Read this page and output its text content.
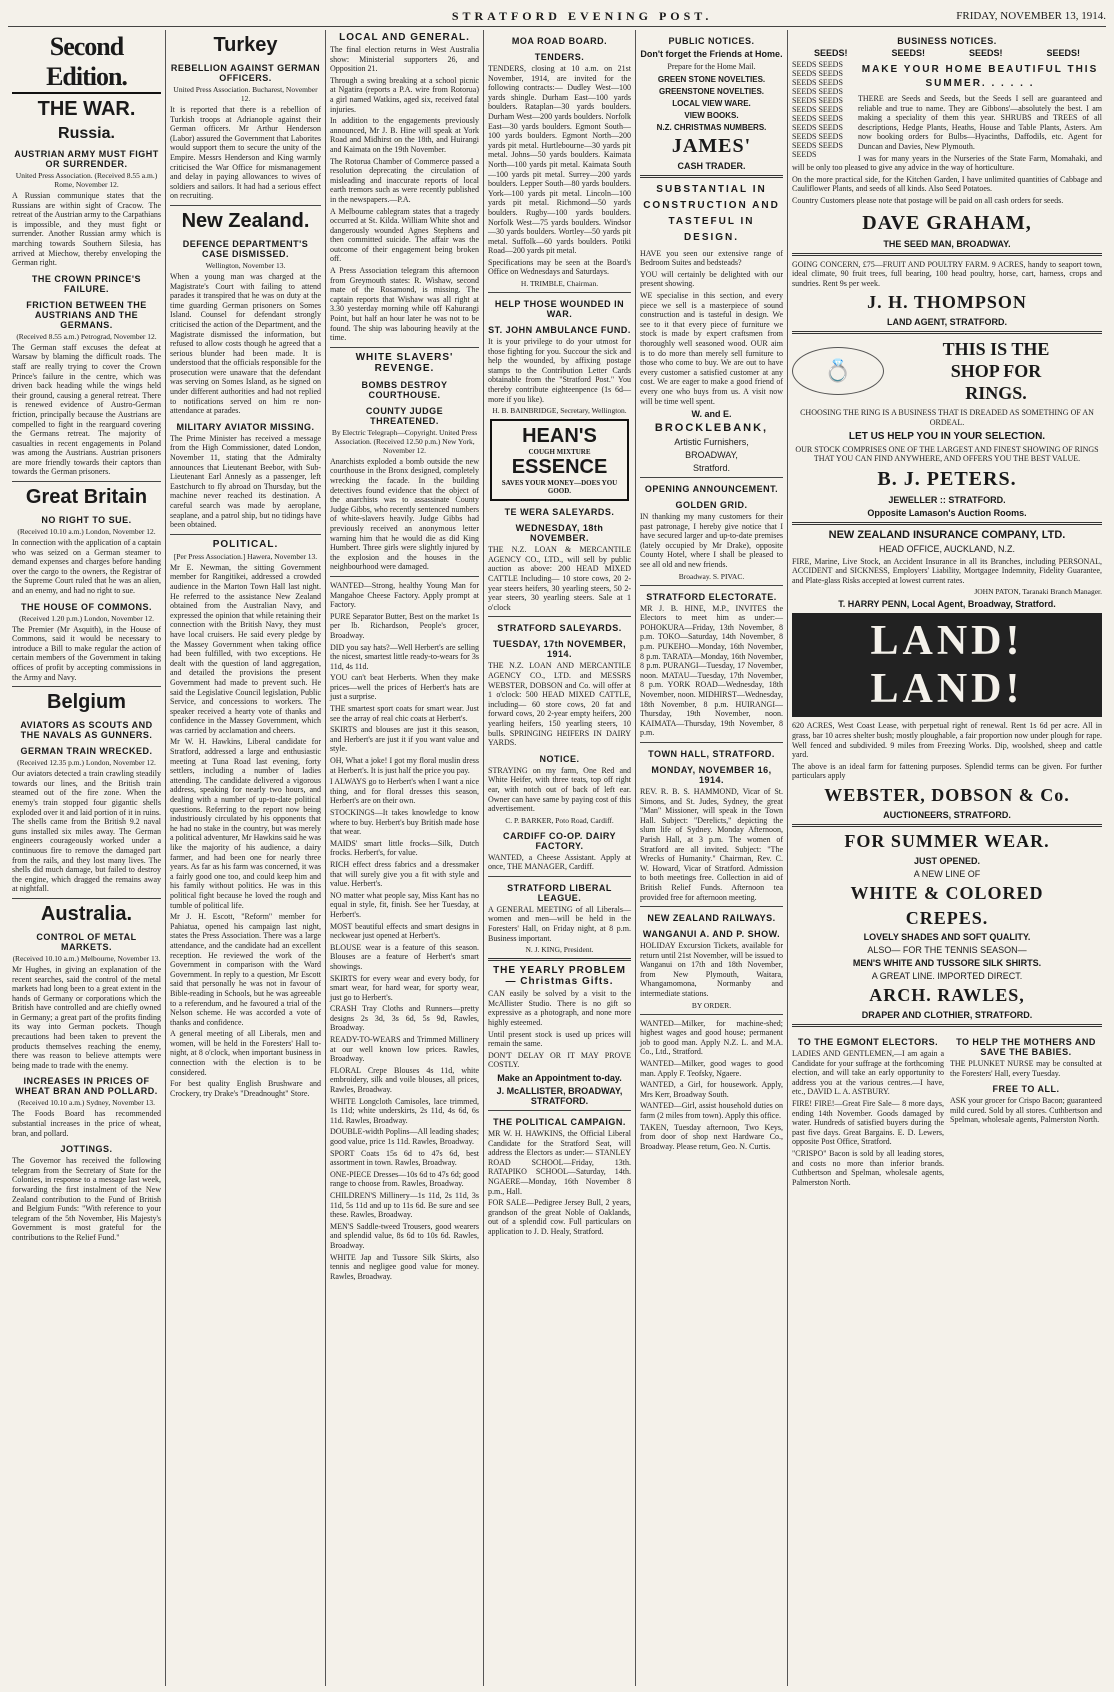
STRATFORD EVENING POST.	FRIDAY, NOVEMBER 13, 1914.
Second Edition.
THE WAR.
Russia.
AUSTRIAN ARMY MUST FIGHT OR SURRENDER.
United Press Association. (Received 8.55 a.m.) Rome, November 12.

A Russian communique states that the Russians are within sight of Cracow. The retreat of the Austrian army to the Carpathians is impossible, and they must fight or surrender. Another Russian army which is marching towards Southern Silesia, has arrived at Miechow, thereby enveloping the German right.

THE CROWN PRINCE'S FAILURE.
FRICTION BETWEEN THE AUSTRIANS AND THE GERMANS.
(Received 8.55 a.m.) Petrograd, November 12.

The German staff excuses the defeat at Warsaw by blaming the difficult roads. The staff are really trying to cover the Crown Prince's failure in the centre, which was driven back heading while the wings held their ground, causing a general retreat. There is renewed evidence of Austro-German friction, principally because the Austrians are compelled to fight in the rearguard covering the Germans retreat. The majority of casualties in recent engagements in Poland was among the Austrians. Austrian prisoners are more friendly towards their captors than towards the German prisoners.

Great Britain
NO RIGHT TO SUE.
(Received 10.10 a.m.) London, November 12.

In connection with the application of a captain who was seized on a German steamer to demand expenses and charges before handing over the cargo to the owners, the Registrar of the Supreme Court ruled that he was an alien, and an enemy, and had no right to sue.

THE HOUSE OF COMMONS.
(Received 1.20 p.m.) London, November 12.

The Premier (Mr Asquith), in the House of Commons, said it would be necessary to introduce a Bill to make regular the action of certain members of the Government in taking offices of profit by accepting commissions in the Army and Navy.

Belgium
AVIATORS AS SCOUTS AND THE NAVALS AS GUNNERS.
GERMAN TRAIN WRECKED.
(Received 12.35 p.m.) London, November 12.

Our aviators detected a train crawling steadily towards our lines, and the British train steamed out of the fire zone. When the enemy's train stopped four gigantic shells exploded over it and laid portion of it in ruins. The shells came from the British 9.2 naval guns installed six miles away. The German engineers courageously worked under a continuous fire to remove the damaged part from the rails, and they lost many lives. The shells did much damage, but failed to destroy the engine, which dragged the remains away at nightfall.

Australia.
CONTROL OF METAL MARKETS.
(Received 10.10 a.m.) Melbourne, November 13.

Mr Hughes, in giving an explanation of the recent searches, said the control of the metal markets had long been to a great extent in the hands of Germany or corporations which the British have controlled and are chiefly owned in Germany; a great part of the profits finding its way into German pockets. Though precautions had been taken to prevent the products themselves reaching the enemy, there was reason to believe attempts were being made to trade with the enemy.

INCREASES IN PRICES OF WHEAT BRAN AND POLLARD.
(Received 10.10 a.m.) Sydney, November 13.

The Foods Board has recommended substantial increases in the price of wheat, bran, and pollard.

JOTTINGS.

The Governor has received the following telegram from the Secretary of State for the Colonies, in response to a message last week, forwarding the first instalment of the New Zealand contribution to the Fund of British and Belgium Funds: "With reference to your telegram of the 5th November, His Majesty's Government is most grateful for the contributions to the Relief Fund."

Turkey
REBELLION AGAINST GERMAN OFFICERS.
United Press Association. Bucharest, November 12.

It is reported that there is a rebellion of Turkish troops at Adrianople against their German officers. Mr Arthur Henderson (Labor) assured the Government that Laborites would support them to secure the unity of the Empire. Messrs Henderson and King warmly criticised the War Office for mismanagement and delay in paying allowances to wives of soldiers and sailors. It had had a serious effect on recruiting.

New Zealand.
DEFENCE DEPARTMENT'S CASE DISMISSED.
Wellington, November 13.

When a young man was charged at the Magistrate's Court with failing to attend parades it transpired that he was on duty at the time guarding German prisoners on Somes Island. Counsel for defendant strongly criticised the action of the Department, and the Magistrate dismissed the information, but refused to allow costs though he agreed that a serious blunder had been made. It is understood that the officials responsible for the prosecution were unaware that the defendant was serving on Somes Island, as he signed on under different authorities and had not replied to notifications served on him re non-attendance at parades.

MILITARY AVIATOR MISSING.

The Prime Minister has received a message from the High Commissioner, dated London, November 11, stating that the Admiralty announces that Lieutenant Beebor, with Sub-Lieutenant Earl Annesly as a passenger, left Eastchurch to fly abroad on Thursday, but the machine never reached its destination. A careful search was made by aeroplane, seaplane, and a patrol ship, but no tidings have been obtained.

POLITICAL.
[Per Press Association.] Hawera, November 13.

Mr E. Newman, the sitting Government member for Rangitikei, addressed a crowded audience in the Marton Town Hall last night. He referred to the assistance New Zealand obtained from the Australian Navy, and expressed the opinion that while retaining their connection with the British Navy, they must have local cruisers. He said every pledge by the Massey Government when taking office had been fulfilled, with two exceptions. He dealt with the question of land aggregation, and detailed the provisions the present Government had made to prevent such. He said the Legislative Council legislation, Public Service, and concessions to workers. The speaker received a hearty vote of thanks and confidence in the Massey Government, which was carried by acclamation and cheers.

Mr W. H. Hawkins, Liberal candidate for Stratford, addressed a large and enthusiastic meeting at Tuna Road last evening, forty settlers, including a number of ladies attending. The candidate delivered a vigorous address, speaking for nearly two hours, and dealing with a number of up-to-date political questions. Referring to the report now being industriously circulated by his opponents that he had no stake in the country, but was merely a political adventurer, Mr Hawkins said he was like the majority of his audience, a dairy farmer, and had been one for nearly three years. As far as his farm was concerned, it was a fairly good one too, and could keep him and his family without politics. He was in this political fight because he loved the rough and tumble of political life.

Mr J. H. Escott, "Reform" member for Pahiatua, opened his campaign last night, states the Press Association. There was a large attendance, and the candidate had an excellent reception. He reviewed the work of the Government in comparison with the Ward Government. In reply to a question, Mr Escott said that personally he was not in favour of Bible-reading in Schools, but he was agreeable to a referendum, and he favoured a trial of the Nelson scheme. He was accorded a vote of thanks and confidence.

A general meeting of all Liberals, men and women, will be held in the Foresters' Hall to-night, at 8 o'clock, when important business in connection with the election is to be considered.

For best quality English Brushware and Crockery, try Drake's "Dreadnought" Store.

LOCAL AND GENERAL.

The final election returns in West Australia show: Ministerial supporters 26, and Opposition 21.

Through a swing breaking at a school picnic at Ngatira (reports a P.A. wire from Rotorua) a girl named Watkins, aged six, received fatal injuries.

In addition to the engagements previously announced, Mr J. B. Hine will speak at York Road and Midhirst on the 18th, and Huirangi and Kaimata on the 19th November.

The Rotorua Chamber of Commerce passed a resolution deprecating the circulation of misleading and inaccurate reports of local earth tremors such as were recently published in the newspapers.—P.A.

A Melbourne cablegram states that a tragedy occurred at St. Kilda. William White shot and dangerously wounded Agnes Stephens and then committed suicide. The affair was the outcome of their engagement being broken off.

A Press Association telegram this afternoon from Greymouth states: R. Wishaw, second mate of the Rosamond, is missing. The captain reports that Wishaw was all right at 3.30 yesterday morning while off Kahurangi Point, but half an hour later he was not to be found. The ship was labouring heavily at the time.

WHITE SLAVERS' REVENGE.
BOMBS DESTROY COURTHOUSE.
COUNTY JUDGE THREATENED.
By Electric Telegraph—Copyright. United Press Association. (Received 12.50 p.m.) New York, November 12.

Anarchists exploded a bomb outside the new courthouse in the Bronx designed, completely wrecking the facade. In the building detectives found evidence that the object of the anarchists was to assassinate County Judge Gibbs, who recently sentenced numbers of white-slavers heavily. Judge Gibbs had previously received an anonymous letter warning him that he would die as did King Humbert. Three girls were slightly injured by the explosion and the houses in the neighbourhood were damaged.

WANTED—Strong, healthy Young Man for Mangahoe Cheese Factory. Apply prompt at Factory.

PURE Separator Butter, Best on the market 1s per lb. Richardson, People's grocer, Broadway.

DID you say hats?—Well Herbert's are selling the nicest, smartest little ready-to-wears for 3s 11d, 4s 11d.

YOU can't beat Herberts. When they make prices—well the prices of Herbert's hats are just a surprise.

THE smartest sport coats for smart wear. Just see the array of real chic coats at Herbert's.

SKIRTS and blouses are just it this season, and Herbert's are just it if you want value and style.

OH, What a joke! I got my floral muslin dress at Herbert's. It is just half the price you pay.

I ALWAYS go to Herbert's when I want a nice thing, and for floral dresses this season, Herbert's are on their own.

STOCKINGS—It takes knowledge to know where to buy. Herbert's buy British made hose that wear.

MAIDS' smart little frocks—Silk, Dutch frocks. Herbert's, for value.

RICH effect dress fabrics and a dressmaker that will surely give you a fit with style and value. Herbert's.

NO matter what people say, Miss Kant has no equal in style, fit, finish. See her Tuesday, at Herbert's.

MOST beautiful effects and smart designs in neckwear just opened at Herbert's.

BLOUSE wear is a feature of this season. Blouses are a feature of Herbert's smart showings.

SKIRTS for every wear and every body, for smart wear, for hard wear, for sporty wear, just go to Herbert's.

CRASH Tray Cloths and Runners—pretty designs 2s 3d, 3s 6d, 5s 9d, Rawles, Broadway.

READY-TO-WEARS and Trimmed Millinery at our well known low prices. Rawles, Broadway.

FLORAL Crepe Blouses 4s 11d, white embroidery, silk and voile blouses, all prices, Rawles, Broadway.

WHITE Longcloth Camisoles, lace trimmed, 1s 11d; white underskirts, 2s 11d, 4s 6d, 6s 11d. Rawles, Broadway.

DOUBLE-width Poplins—All leading shades; good value, price 1s 11d. Rawles, Broadway.

SPORT Coats 15s 6d to 47s 6d, best assortment in town. Rawles, Broadway.

ONE-PIECE Dresses—10s 6d to 47s 6d; good range to choose from. Rawles, Broadway.

CHILDREN'S Millinery—1s 11d, 2s 11d, 3s 11d, 5s 11d and up to 11s 6d. Be sure and see these. Rawles, Broadway.

MEN'S Saddle-tweed Trousers, good wearers and splendid value, 8s 6d to 10s 6d. Rawles, Broadway.

WHITE Jap and Tussore Silk Skirts, also tennis and negligee good value for money. Rawles, Broadway.

MOA ROAD BOARD.
TENDERS.

TENDERS, closing at 10 a.m. on 21st November, 1914, are invited for the following contracts:— Dudley West—100 yards shingle. Durham East—100 yards boulders. Rataplan—30 yards boulders. Durham West—200 yards boulders. Norfolk East—30 yards boulders. Egmont South—100 yards boulders. Egmont North—200 yards pit metal. Hurtlebourne—30 yards pit metal. Johns—50 yards boulders. Kaimata North—100 yards pit metal. Kaimata South—100 yards pit metal. Surrey—200 yards boulders. Lepper South—80 yards boulders. York—100 yards pit metal. Lincoln—100 yards pit metal. Richmond—50 yards boulders. Rugby—100 yards boulders. Norfolk West—75 yards boulders. Windsor—30 yards boulders. Wortley—50 yards pit metal. Suffolk—60 yards boulders. Potiki Road—200 yards pit metal.

Specifications may be seen at the Board's Office on Wednesdays and Saturdays.

H. TRIMBLE, Chairman.
HELP THOSE WOUNDED IN WAR.
ST. JOHN AMBULANCE FUND.

It is your privilege to do your utmost for those fighting for you. Succour the sick and help the wounded, by affixing postage stamps to the Contribution Letter Cards obtainable from the "Stratford Post." You thereby contribute eighteenpence (1s 6d—more if you like).

H. B. BAINBRIDGE, Secretary, Wellington.
HEAN'S
COUGH MIXTURE
ESSENCE
SAVES YOUR MONEY—DOES YOU GOOD.
TE WERA SALEYARDS.
WEDNESDAY, 18th NOVEMBER.

THE N.Z. LOAN & MERCANTILE AGENCY CO., LTD., will sell by public auction as above: 200 HEAD MIXED CATTLE Including— 10 store cows, 20 2-year steers heifers, 30 yearling steers, 50 2-year steers, 30 yearling steers. Sale at 1 o'clock

STRATFORD SALEYARDS.
TUESDAY, 17th NOVEMBER, 1914.

THE N.Z. LOAN AND MERCANTILE AGENCY CO., LTD. and MESSRS WEBSTER, DOBSON and Co. will offer at 1 o'clock: 500 HEAD MIXED CATTLE, including— 60 store cows, 20 fat and forward cows, 20 2-year empty heifers, 200 yearling heifers, 150 yearling steers, 10 bulls. SPRINGING HEIFERS IN DAIRY YARDS.

NOTICE.

STRAYING on my farm, One Red and White Heifer, with three teats, top off right ear, with notch out of back of left ear. Owner can have same by paying cost of this advertisement.

C. P. BARKER, Poto Road, Cardiff.
CARDIFF CO-OP. DAIRY FACTORY.

WANTED, a Cheese Assistant. Apply at once, THE MANAGER, Cardiff.

STRATFORD LIBERAL LEAGUE.

A GENERAL MEETING of all Liberals—women and men—will be held in the Foresters' Hall, on Friday night, at 8 p.m. Business important.

N. J. KING, President.
THE YEARLY PROBLEM— Christmas Gifts.

CAN easily be solved by a visit to the McAllister Studio. There is no gift so expressive as a photograph, and none more highly esteemed.

Until present stock is used up prices will remain the same.

DON'T DELAY OR IT MAY PROVE COSTLY.

Make an Appointment to-day.
J. McALLISTER, BROADWAY, STRATFORD.
THE POLITICAL CAMPAIGN.

MR W. H. HAWKINS, the Official Liberal Candidate for the Stratford Seat, will address the Electors as under:— STANLEY ROAD SCHOOL—Friday, 13th. RATAPIKO SCHOOL—Saturday, 14th. NGAERE—Monday, 16th November 8 p.m., Hall.

FOR SALE—Pedigree Jersey Bull, 2 years, grandson of the great Noble of Oaklands, out of a splendid cow. Full particulars on application to J. D. Healy, Stratford.

PUBLIC NOTICES.
Don't forget the Friends at Home.

Prepare for the Home Mail.

GREEN STONE NOVELTIES.
GREENSTONE NOVELTIES.
LOCAL VIEW WARE.
VIEW BOOKS.
N.Z. CHRISTMAS NUMBERS.
JAMES'
CASH TRADER.
SUBSTANTIAL IN CONSTRUCTION AND TASTEFUL IN DESIGN.

HAVE you seen our extensive range of Bedroom Suites and bedsteads?

YOU will certainly be delighted with our present showing.

WE specialise in this section, and every piece we sell is a masterpiece of sound construction and is tasteful in design. We see to it that every piece of furniture we stock is made by expert craftsmen from thoroughly well seasoned wood. OUR aim is to do more than merely sell furniture to those who come to buy. We are out to have every customer a satisfied customer at any cost. We are eager to make a good friend of every one who buys from us. A visit now will be time well spent.

W. and E.
BROCKLEBANK,
Artistic Furnishers,
BROADWAY,
Stratford.
OPENING ANNOUNCEMENT.
GOLDEN GRID.

IN thanking my many customers for their past patronage, I hereby give notice that I have secured larger and up-to-date premises (lately occupied by Mr Drake), opposite County Hotel, where I shall be pleased to see all old and new friends.

Broadway. S. PIVAC.
STRATFORD ELECTORATE.

MR J. B. HINE, M.P., INVITES the Electors to meet him as under:— POHOKURA—Friday, 13th November, 8 p.m. TOKO—Saturday, 14th November, 8 p.m. PUKEHO—Monday, 16th November, 8 p.m. TARATA—Monday, 16th November, 8 p.m. PURANGI—Tuesday, 17 November, noon. MATAU—Tuesday, 17th November, 8 p.m. YORK ROAD—Wednesday, 18th November, noon. MIDHIRST—Wednesday, 18th November, 8 p.m. HUIRANGI—Thursday, 19th November, noon. KAIMATA—Thursday, 19th November, 8 p.m.

TOWN HALL, STRATFORD.
MONDAY, NOVEMBER 16, 1914.

REV. R. B. S. HAMMOND, Vicar of St. Simons, and St. Judes, Sydney, the great "Man" Missioner, will speak in the Town Hall. Subject: "Derelicts," depicting the slum life of Sydney. Monday Afternoon, Parish Hall, at 3 p.m. The women of Stratford are all invited. Subject: "The Wrecks of Humanity." Chairman, Rev. C. W. Howard, Vicar of Stratford. Admission to both meetings free. Collection in aid of British Relief Funds. Afternoon tea provided free for afternoon meeting.

NEW ZEALAND RAILWAYS.
WANGANUI A. AND P. SHOW.

HOLIDAY Excursion Tickets, available for return until 21st November, will be issued to Wanganui on 17th and 18th November, from New Plymouth, Waitara, Whangamomona, Normanby and intermediate stations.

BY ORDER.

WANTED—Milker, for machine-shed; highest wages and good house; permanent job to good man. Apply N.Z. L. and M.A. Co., Ltd., Stratford.

WANTED—Milker, good wages to good man. Apply F. Teofsky, Ngaere.

WANTED, a Girl, for housework. Apply, Mrs Kerr, Broadway South.

WANTED—Girl, assist household duties on farm (2 miles from town). Apply this office.

TAKEN, Tuesday afternoon, Two Keys, from door of shop next Hardware Co., Broadway. Please return, Geo. N. Curtis.

BUSINESS NOTICES.
SEEDS!	SEEDS!	SEEDS!	SEEDS!
SEEDS SEEDS SEEDS SEEDS SEEDS SEEDS SEEDS SEEDS SEEDS SEEDS SEEDS SEEDS SEEDS SEEDS SEEDS SEEDS SEEDS SEEDS SEEDS SEEDS SEEDS
MAKE YOUR HOME BEAUTIFUL THIS SUMMER. . . . . .

THERE are Seeds and Seeds, but the Seeds I sell are guaranteed and reliable and true to name. They are Gibbons'—absolutely the best. I am making a speciality of them this year. SHRUBS and TREES of all descriptions, Hedge Plants, Heaths, House and Table Plants, Asters. Am now booking orders for Bulbs—Hyacinths, Daffodils, etc. Agent for Duncan and Davies, New Plymouth.

I was for many years in the Nurseries of the State Farm, Momahaki, and will be only too pleased to give any advice in the way of horticulture.

On the more practical side, for the Kitchen Garden, I have unlimited quantities of Cabbage and Cauliflower Plants, and seeds of all kinds. Also Seed Potatoes.

Country Customers please note that postage will be paid on all cash orders for seeds.

DAVE GRAHAM,
THE SEED MAN, BROADWAY.

GOING CONCERN, £75—FRUIT AND POULTRY FARM. 9 ACRES, handy to seaport town, ideal climate, 90 fruit trees, full bearing, 100 head poultry, horse, cart, harness, crops and sundries. Rent 9s per week.

J. H. THOMPSON
LAND AGENT, STRATFORD.
💍
THIS IS THE
SHOP FOR
RINGS.

CHOOSING THE RING IS A BUSINESS THAT IS DREADED AS SOMETHING OF AN ORDEAL.

LET US HELP YOU IN YOUR SELECTION.

OUR STOCK COMPRISES ONE OF THE LARGEST AND FINEST SHOWING OF RINGS THAT YOU CAN FIND ANYWHERE, AND OFFERS YOU THE BEST VALUE.

B. J. PETERS.
JEWELLER :: STRATFORD.
Opposite Lamason's Auction Rooms.
NEW ZEALAND INSURANCE COMPANY, LTD.
HEAD OFFICE, AUCKLAND, N.Z.

FIRE, Marine, Live Stock, an Accident Insurance in all its Branches, including PERSONAL, ACCIDENT and SICKNESS, Employers' Liability, Mortgagee Indemnity, Fidelity Guarantee, and Plate-glass Risks accepted at lowest current rates.

JOHN PATON, Taranaki Branch Manager.
T. HARRY PENN, Local Agent, Broadway, Stratford.
LAND! LAND!

620 ACRES, West Coast Lease, with perpetual right of renewal. Rent 1s 6d per acre. All in grass, bar 10 acres shelter bush; mostly ploughable, a fair proportion now under plough for rape. Well fenced and subdivided. 9 miles from Freezing Works. Dip, woolshed, sheep and cattle yard.

The above is an ideal farm for fattening purposes. Splendid terms can be given. For further particulars apply

WEBSTER, DOBSON & Co.
AUCTIONEERS, STRATFORD.
FOR SUMMER WEAR.
JUST OPENED.
A NEW LINE OF
WHITE & COLORED
CREPES.
LOVELY SHADES AND SOFT QUALITY.
ALSO— FOR THE TENNIS SEASON—
MEN'S WHITE AND TUSSORE SILK SHIRTS.
A GREAT LINE. IMPORTED DIRECT.
ARCH. RAWLES,
DRAPER AND CLOTHIER, STRATFORD.
TO THE EGMONT ELECTORS.

LADIES AND GENTLEMEN,—I am again a Candidate for your suffrage at the forthcoming election, and will take an early opportunity to address you at the various centres.—I have, etc., DAVID L. A. ASTBURY.

FIRE! FIRE!—Great Fire Sale— 8 more days, ending 14th November. Goods damaged by water. Hundreds of satisfied buyers during the past five days. Great Bargains. E. D. Lewers, opposite Post Office, Stratford.

"CRISPO" Bacon is sold by all leading stores, and costs no more than inferior brands. Cuthbertson and Spelman, wholesale agents, Palmerston North.

TO HELP THE MOTHERS AND SAVE THE BABIES.

THE PLUNKET NURSE may be consulted at the Foresters' Hall, every Tuesday.

FREE TO ALL.

ASK your grocer for Crispo Bacon; guaranteed mild cured. Sold by all stores. Cuthbertson and Spelman, wholesale agents, Palmerston North.
